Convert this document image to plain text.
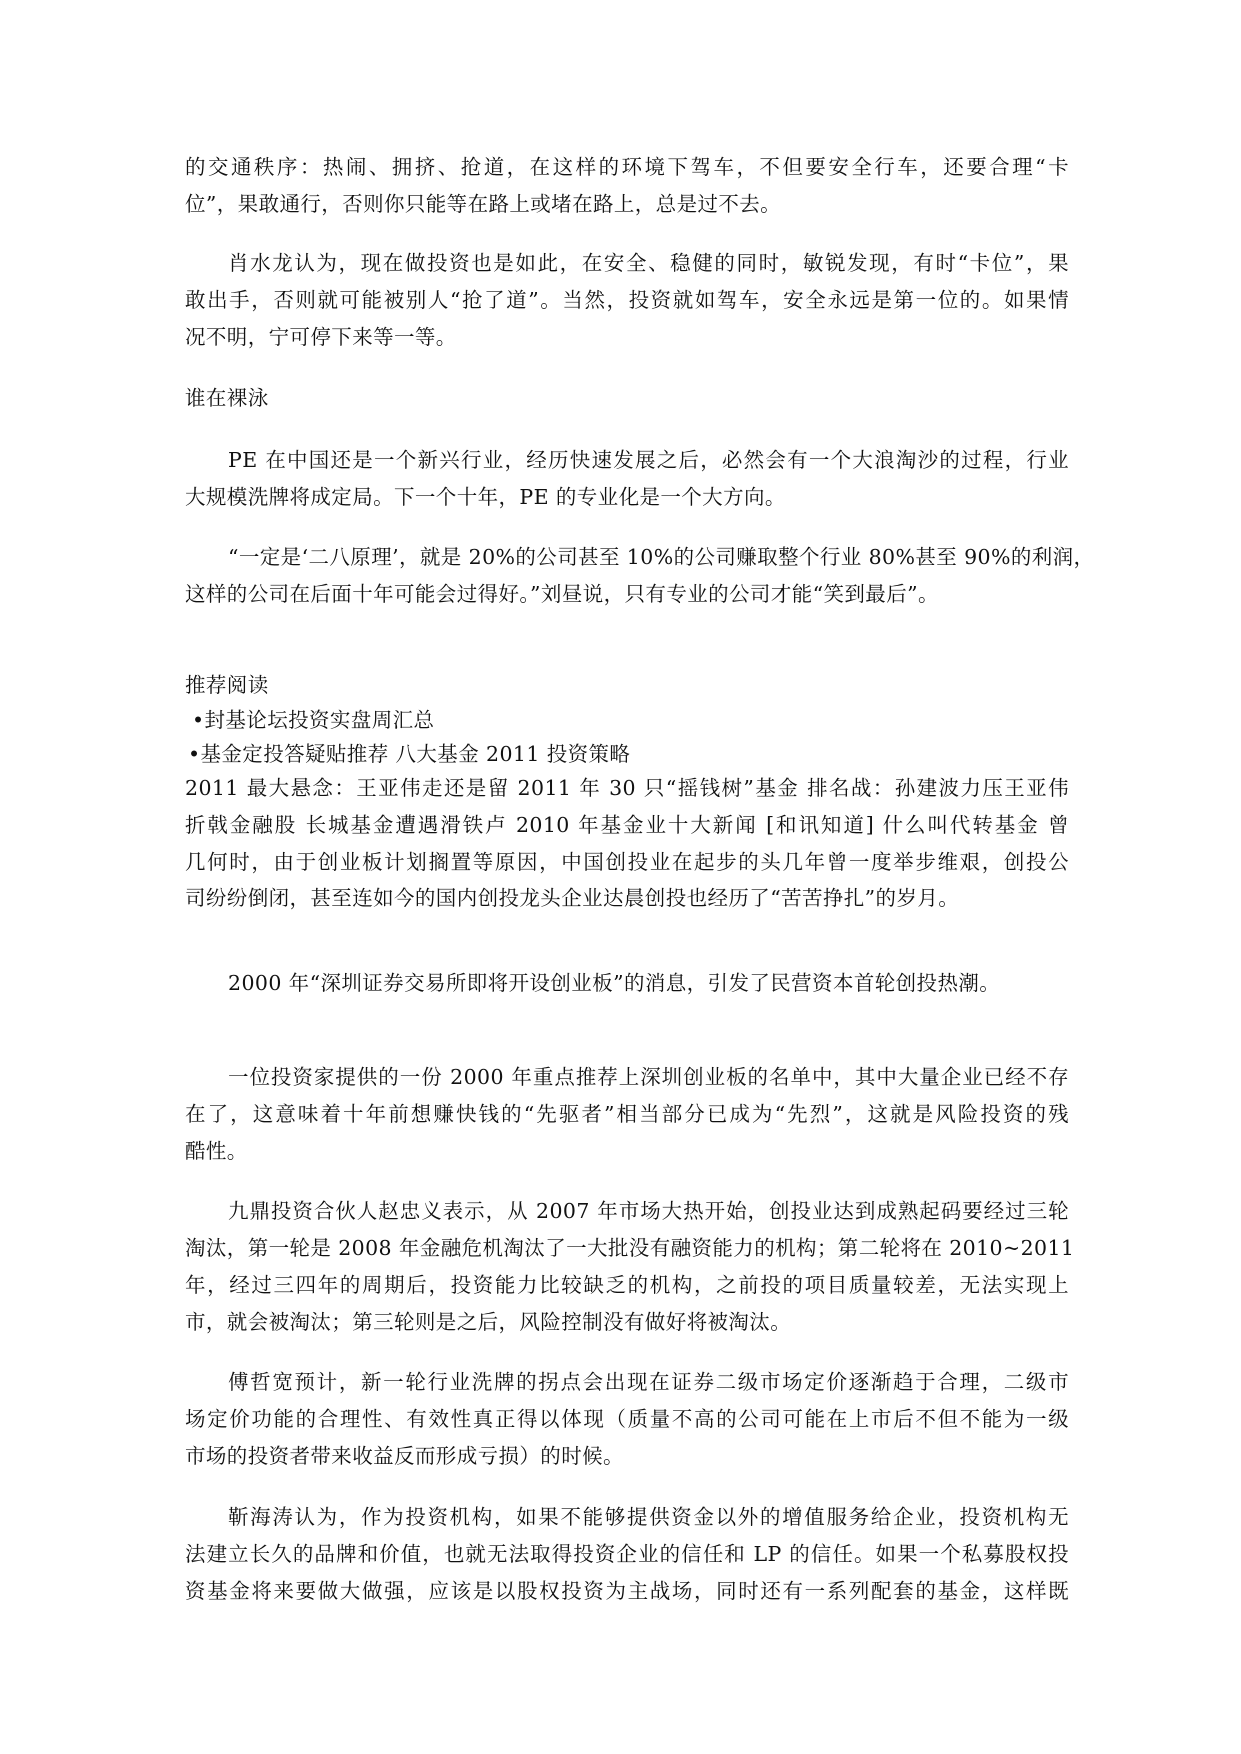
的交通秩序：热闹、拥挤、抢道，在这样的环境下驾车，不但要安全行车，还要合理“卡
位”，果敢通行，否则你只能等在路上或堵在路上，总是过不去。
肖水龙认为，现在做投资也是如此，在安全、稳健的同时，敏锐发现，有时“卡位”，果
敢出手，否则就可能被别人“抢了道”。当然，投资就如驾车，安全永远是第一位的。如果情
况不明，宁可停下来等一等。
谁在裸泳
PE 在中国还是一个新兴行业，经历快速发展之后，必然会有一个大浪淘沙的过程，行业
大规模洗牌将成定局。下一个十年，PE 的专业化是一个大方向。
“一定是‘二八原理’，就是 20%的公司甚至 10%的公司赚取整个行业 80%甚至 90%的利润，
这样的公司在后面十年可能会过得好。”刘昼说，只有专业的公司才能“笑到最后”。
推荐阅读
•封基论坛投资实盘周汇总
•基金定投答疑贴推荐 八大基金 2011 投资策略
2011 最大悬念：王亚伟走还是留 2011 年 30 只“摇钱树”基金 排名战：孙建波力压王亚伟
折戟金融股 长城基金遭遇滑铁卢 2010 年基金业十大新闻 [和讯知道] 什么叫代转基金 曾
几何时，由于创业板计划搁置等原因，中国创投业在起步的头几年曾一度举步维艰，创投公
司纷纷倒闭，甚至连如今的国内创投龙头企业达晨创投也经历了“苦苦挣扎”的岁月。
2000 年“深圳证券交易所即将开设创业板”的消息，引发了民营资本首轮创投热潮。
一位投资家提供的一份 2000 年重点推荐上深圳创业板的名单中，其中大量企业已经不存
在了，这意味着十年前想赚快钱的“先驱者”相当部分已成为“先烈”，这就是风险投资的残
酷性。
九鼎投资合伙人赵忠义表示，从 2007 年市场大热开始，创投业达到成熟起码要经过三轮
淘汰，第一轮是 2008 年金融危机淘汰了一大批没有融资能力的机构；第二轮将在 2010~2011
年，经过三四年的周期后，投资能力比较缺乏的机构，之前投的项目质量较差，无法实现上
市，就会被淘汰；第三轮则是之后，风险控制没有做好将被淘汰。
傅哲宽预计，新一轮行业洗牌的拐点会出现在证券二级市场定价逐渐趋于合理，二级市
场定价功能的合理性、有效性真正得以体现（质量不高的公司可能在上市后不但不能为一级
市场的投资者带来收益反而形成亏损）的时候。
靳海涛认为，作为投资机构，如果不能够提供资金以外的增值服务给企业，投资机构无
法建立长久的品牌和价值，也就无法取得投资企业的信任和 LP 的信任。如果一个私募股权投
资基金将来要做大做强，应该是以股权投资为主战场，同时还有一系列配套的基金，这样既
